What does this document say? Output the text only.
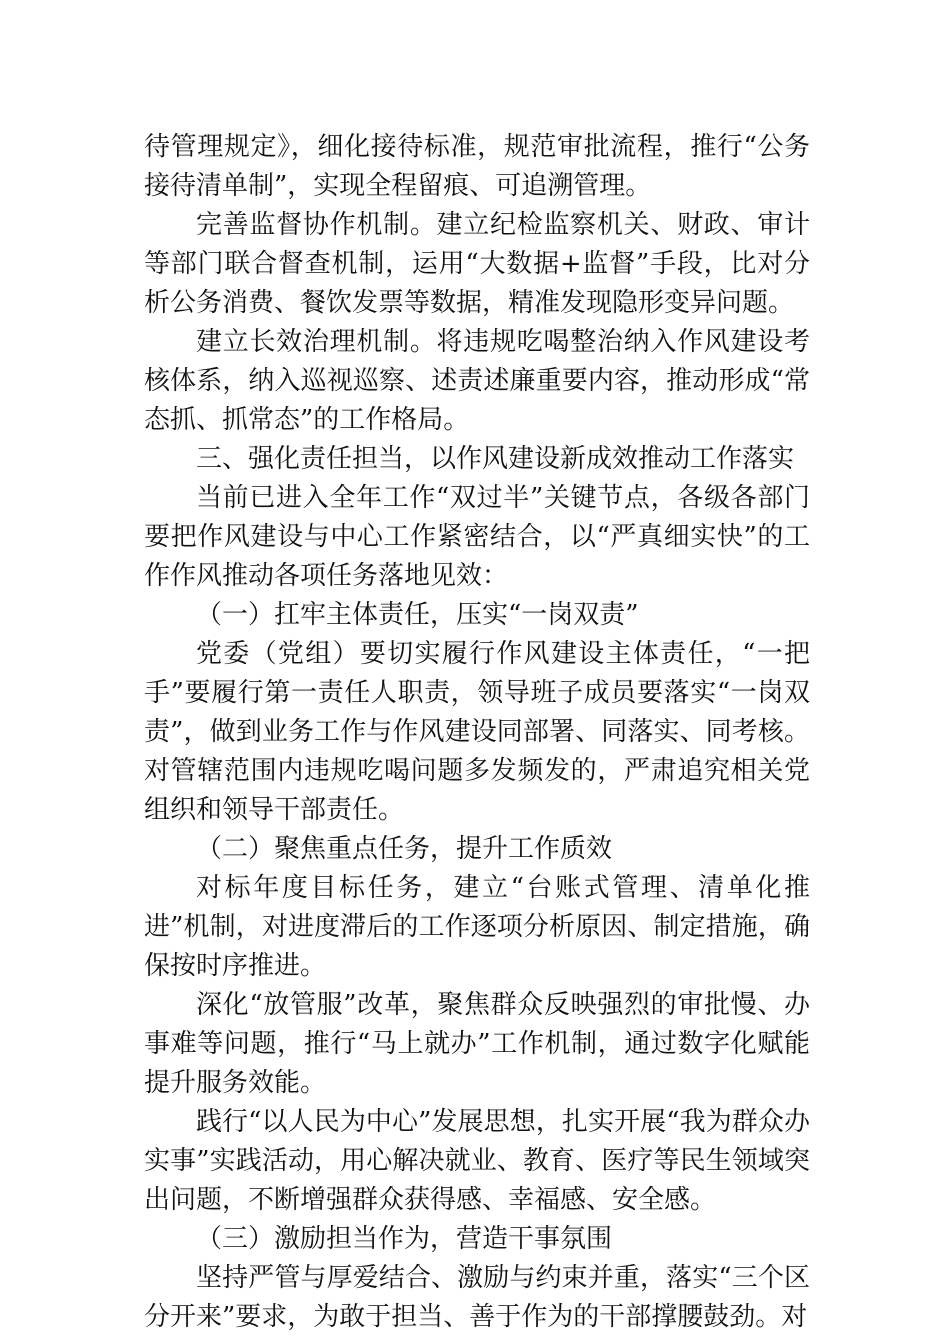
待管理规定》，细化接待标准，规范审批流程，推行“公务接待清单制”，实现全程留痕、可追溯管理。

完善监督协作机制。建立纪检监察机关、财政、审计等部门联合督查机制，运用“大数据+监督”手段，比对分析公务消费、餐饮发票等数据，精准发现隐形变异问题。

建立长效治理机制。将违规吃喝整治纳入作风建设考核体系，纳入巡视巡察、述责述廉重要内容，推动形成“常态抓、抓常态”的工作格局。

三、强化责任担当，以作风建设新成效推动工作落实

当前已进入全年工作“双过半”关键节点，各级各部门要把作风建设与中心工作紧密结合，以“严真细实快”的工作作风推动各项任务落地见效：

（一）扛牢主体责任，压实“一岗双责”

党委（党组）要切实履行作风建设主体责任，“一把手”要履行第一责任人职责，领导班子成员要落实“一岗双责”，做到业务工作与作风建设同部署、同落实、同考核。对管辖范围内违规吃喝问题多发频发的，严肃追究相关党组织和领导干部责任。

（二）聚焦重点任务，提升工作质效

对标年度目标任务，建立“台账式管理、清单化推进”机制，对进度滞后的工作逐项分析原因、制定措施，确保按时序推进。

深化“放管服”改革，聚焦群众反映强烈的审批慢、办事难等问题，推行“马上就办”工作机制，通过数字化赋能提升服务效能。

践行“以人民为中心”发展思想，扎实开展“我为群众办实事”实践活动，用心解决就业、教育、医疗等民生领域突出问题，不断增强群众获得感、幸福感、安全感。

（三）激励担当作为，营造干事氛围

坚持严管与厚爱结合、激励与约束并重，落实“三个区分开来”要求，为敢于担当、善于作为的干部撑腰鼓劲。对
